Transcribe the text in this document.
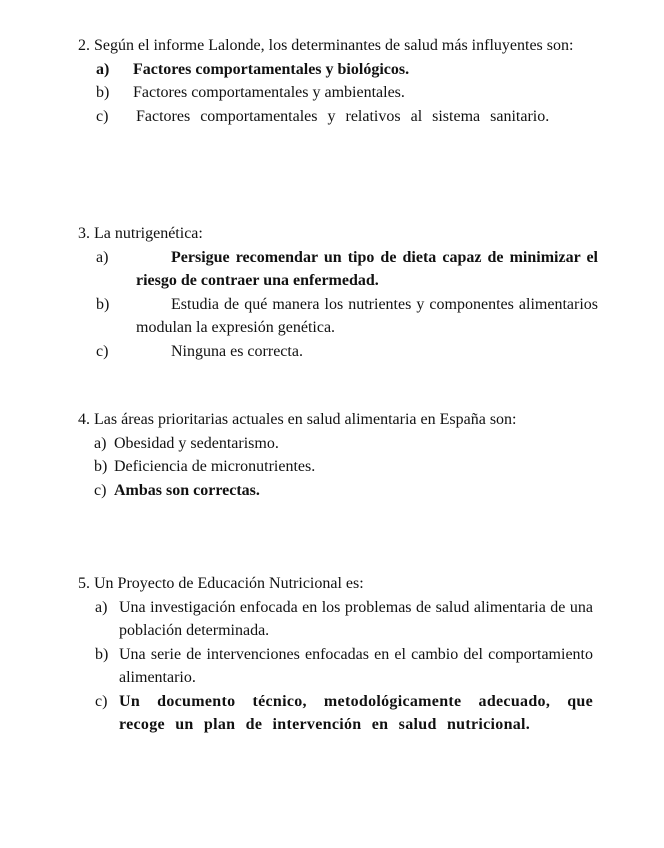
2. Según el informe Lalonde, los determinantes de salud más influyentes son:

a) Factores comportamentales y biológicos.
b) Factores comportamentales y ambientales.
c) Factores comportamentales y relativos al sistema sanitario.

3. La nutrigenética:

a)	Persigue recomendar un tipo de dieta capaz de minimizar el riesgo de contraer una enfermedad.
b)	Estudia de qué manera los nutrientes y componentes alimentarios modulan la expresión genética.
c)	Ninguna es correcta.

4. Las áreas prioritarias actuales en salud alimentaria en España son:

a) Obesidad y sedentarismo.
b) Deficiencia de micronutrientes.
c) Ambas son correctas.

5. Un Proyecto de Educación Nutricional es:

a) Una investigación enfocada en los problemas de salud alimentaria de una población determinada.
b) Una serie de intervenciones enfocadas en el cambio del comportamiento alimentario.
c) Un documento técnico, metodológicamente adecuado, que recoge un plan de intervención en salud nutricional.
